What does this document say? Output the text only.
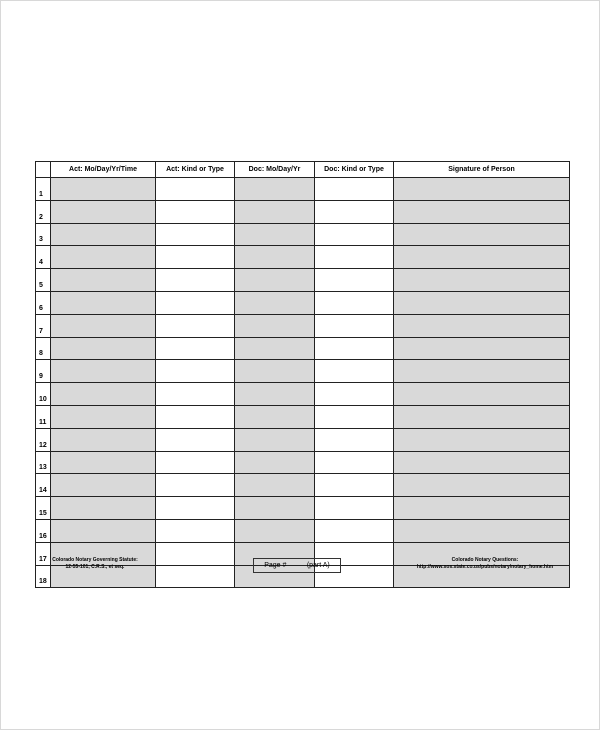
	Act: Mo/Day/Yr/Time	Act: Kind or Type	Doc: Mo/Day/Yr	Doc: Kind or Type	Signature of Person
1					
2					
3					
4					
5					
6					
7					
8					
9					
10					
11					
12					
13					
14					
15					
16					
17					
18					
Colorado Notary Governing Statute:
12-55-101, C.R.S., et seq.	Page #	(part A)
Colorado Notary Questions:
http://www.sos.state.co.us/pubs/notary/notary_home.htm
